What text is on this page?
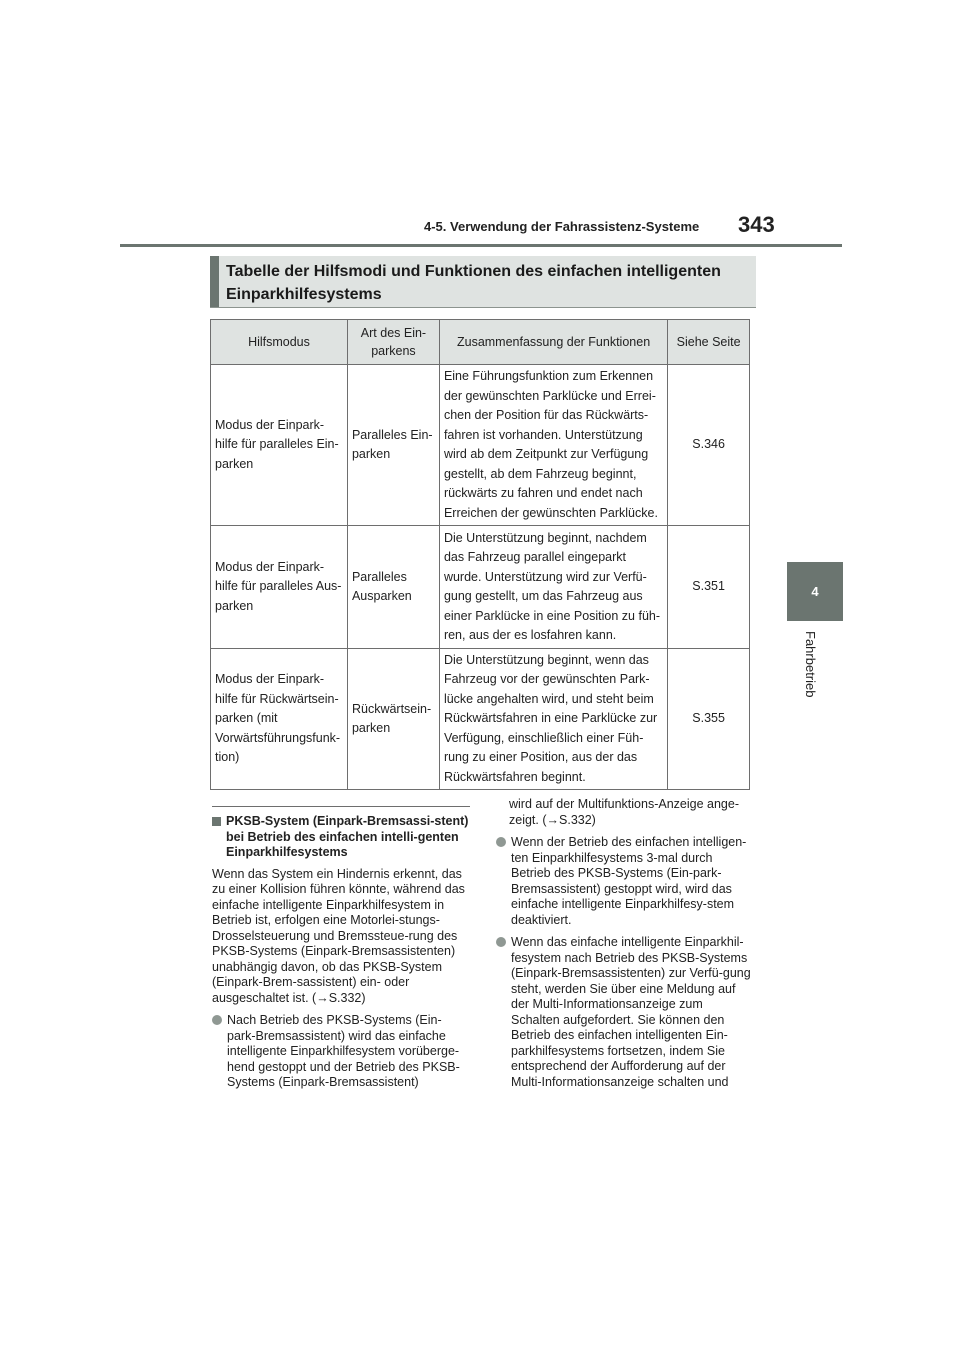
4-5. Verwendung der Fahrassistenz-Systeme 343
4
Fahrbetrieb
Tabelle der Hilfsmodi und Funktionen des einfachen intelligenten Einparkhilfesystems
Hilfsmodus	Art des Ein-parkens	Zusammenfassung der Funktionen	Siehe Seite
Modus der Einpark-hilfe für paralleles Ein-parken	Paralleles Ein-parken	Eine Führungsfunktion zum Erkennen der gewünschten Parklücke und Errei-chen der Position für das Rückwärts-fahren ist vorhanden. Unterstützung wird ab dem Zeitpunkt zur Verfügung gestellt, ab dem Fahrzeug beginnt, rückwärts zu fahren und endet nach Erreichen der gewünschten Parklücke.	S.346
Modus der Einpark-hilfe für paralleles Aus-parken	Paralleles Ausparken	Die Unterstützung beginnt, nachdem das Fahrzeug parallel eingeparkt wurde. Unterstützung wird zur Verfü-gung gestellt, um das Fahrzeug aus einer Parklücke in eine Position zu füh-ren, aus der es losfahren kann.	S.351
Modus der Einpark-hilfe für Rückwärtsein-parken (mit Vorwärtsführungsfunk-tion)	Rückwärtsein-parken	Die Unterstützung beginnt, wenn das Fahrzeug vor der gewünschten Park-lücke angehalten wird, und steht beim Rückwärtsfahren in eine Parklücke zur Verfügung, einschließlich einer Füh-rung zu einer Position, aus der das Rückwärtsfahren beginnt.	S.355
PKSB-System (Einpark-Bremsassi-stent) bei Betrieb des einfachen intelli-genten Einparkhilfesystems

Wenn das System ein Hindernis erkennt, das zu einer Kollision führen könnte, während das einfache intelligente Einparkhilfesystem in Betrieb ist, erfolgen eine Motorlei-stungs-Drosselsteuerung und Bremssteue-rung des PKSB-Systems (Einpark-Bremsassistenten) unabhängig davon, ob das PKSB-System (Einpark-Brem-sassistent) ein- oder ausgeschaltet ist. (→S.332)

Nach Betrieb des PKSB-Systems (Ein-park-Bremsassistent) wird das einfache intelligente Einparkhilfesystem vorüberge-hend gestoppt und der Betrieb des PKSB-Systems (Einpark-Bremsassistent)
wird auf der Multifunktions-Anzeige ange-zeigt. (→S.332)
Wenn der Betrieb des einfachen intelligen-ten Einparkhilfesystems 3-mal durch Betrieb des PKSB-Systems (Ein-park-Bremsassistent) gestoppt wird, wird das einfache intelligente Einparkhilfesy-stem deaktiviert.
Wenn das einfache intelligente Einparkhil-fesystem nach Betrieb des PKSB-Systems (Einpark-Bremsassistenten) zur Verfü-gung steht, werden Sie über eine Meldung auf der Multi-Informationsanzeige zum Schalten aufgefordert. Sie können den Betrieb des einfachen intelligenten Ein-parkhilfesystems fortsetzen, indem Sie entsprechend der Aufforderung auf der Multi-Informationsanzeige schalten und
